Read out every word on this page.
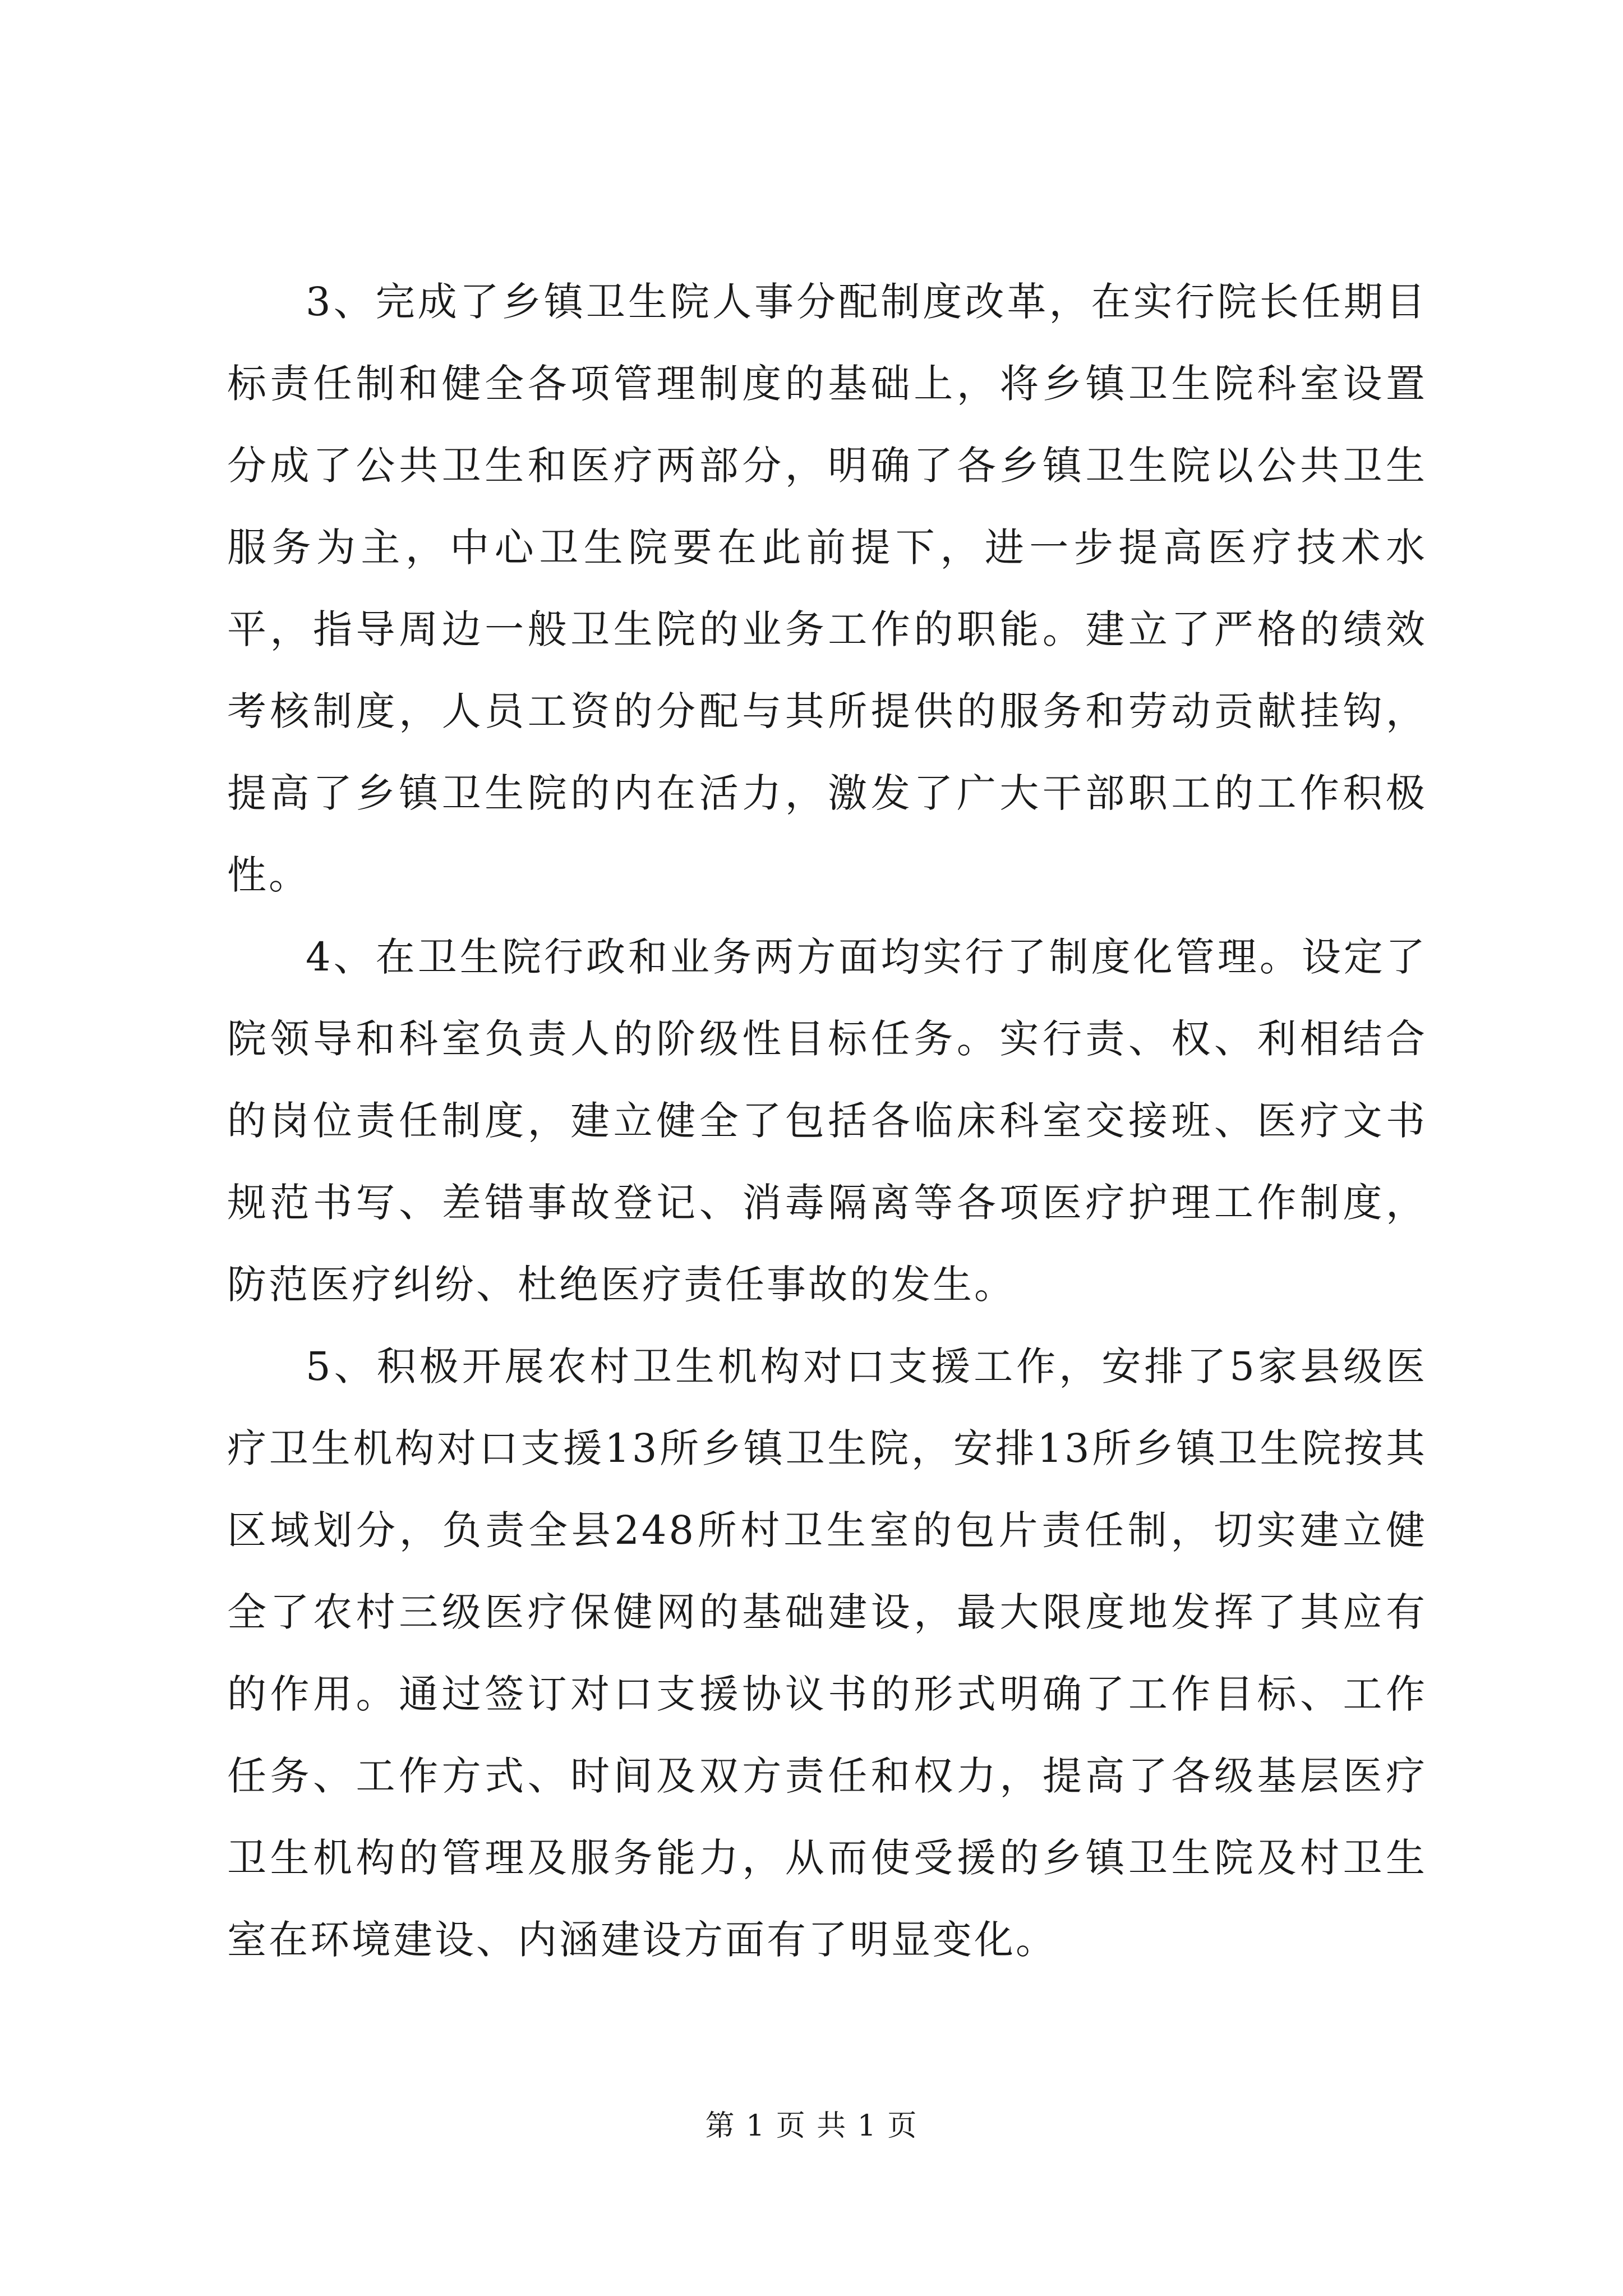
3、完成了乡镇卫生院人事分配制度改革，在实行院长任期目标责任制和健全各项管理制度的基础上，将乡镇卫生院科室设置分成了公共卫生和医疗两部分，明确了各乡镇卫生院以公共卫生服务为主，中心卫生院要在此前提下，进一步提高医疗技术水平，指导周边一般卫生院的业务工作的职能。建立了严格的绩效考核制度，人员工资的分配与其所提供的服务和劳动贡献挂钩，提高了乡镇卫生院的内在活力，激发了广大干部职工的工作积极性。

4、在卫生院行政和业务两方面均实行了制度化管理。设定了院领导和科室负责人的阶级性目标任务。实行责、权、利相结合的岗位责任制度，建立健全了包括各临床科室交接班、医疗文书规范书写、差错事故登记、消毒隔离等各项医疗护理工作制度，防范医疗纠纷、杜绝医疗责任事故的发生。

5、积极开展农村卫生机构对口支援工作，安排了5家县级医疗卫生机构对口支援13所乡镇卫生院，安排13所乡镇卫生院按其区域划分，负责全县248所村卫生室的包片责任制，切实建立健全了农村三级医疗保健网的基础建设，最大限度地发挥了其应有的作用。通过签订对口支援协议书的形式明确了工作目标、工作任务、工作方式、时间及双方责任和权力，提高了各级基层医疗卫生机构的管理及服务能力，从而使受援的乡镇卫生院及村卫生室在环境建设、内涵建设方面有了明显变化。

第 1 页 共 1 页
